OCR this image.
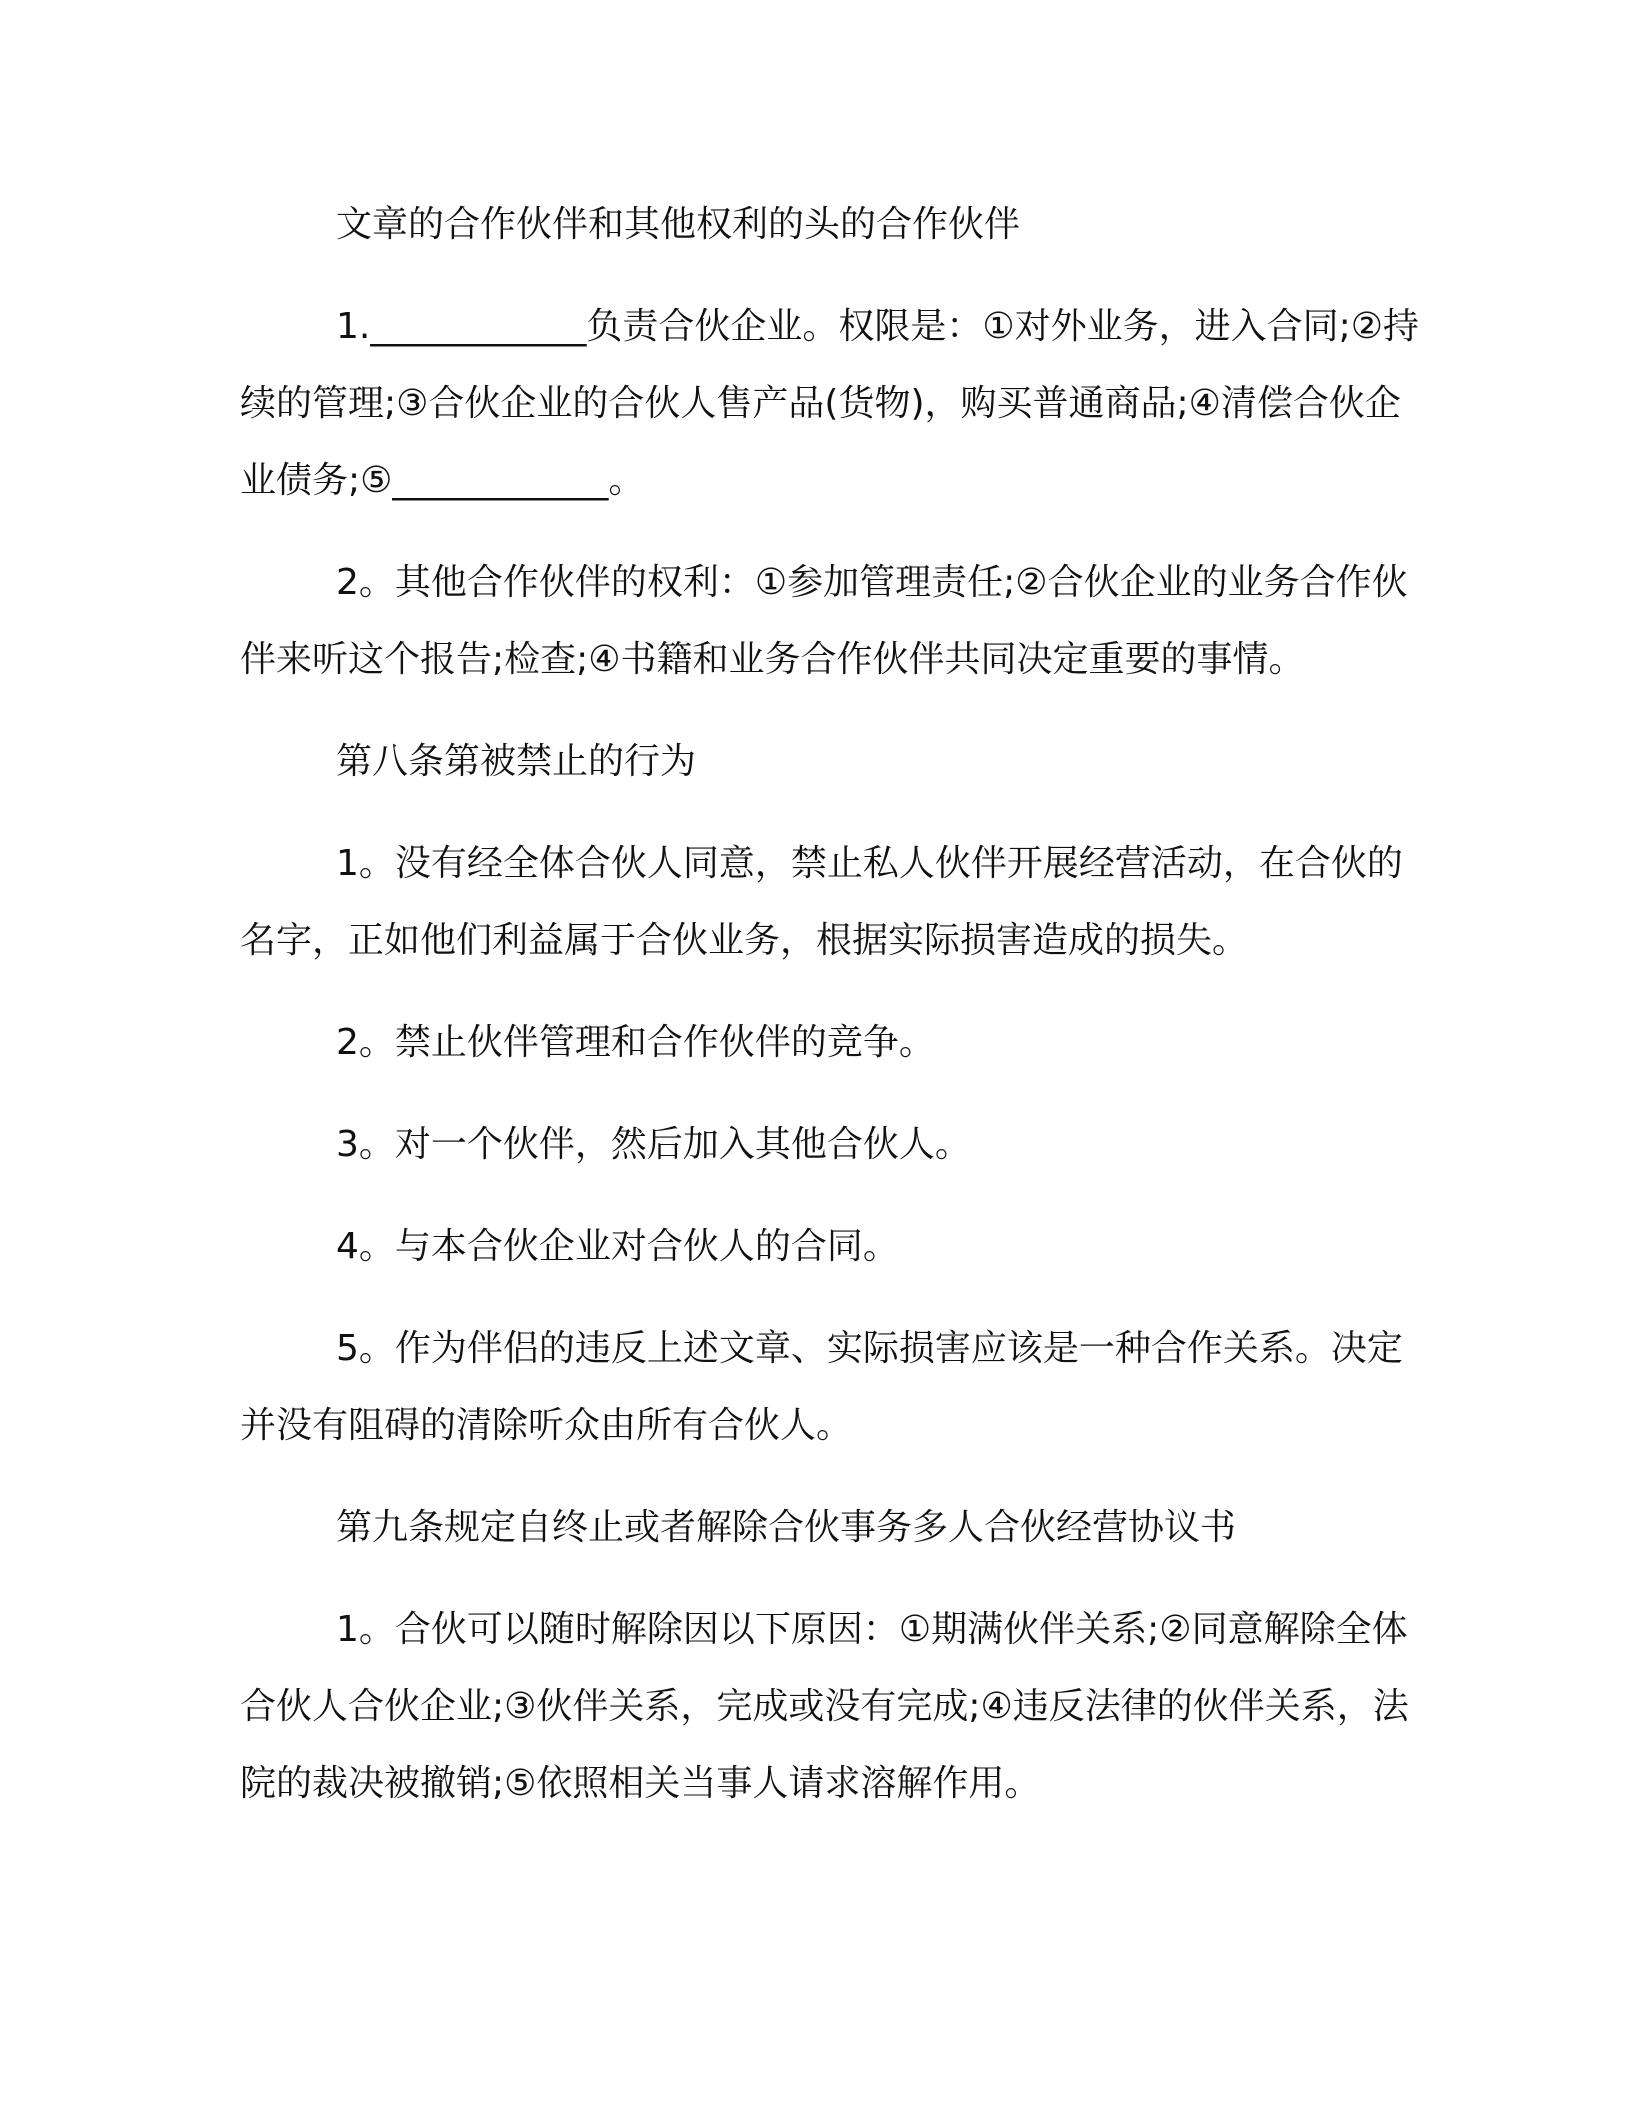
文章的合作伙伴和其他权利的头的合作伙伴

1.____________负责合伙企业。权限是：①对外业务，进入合同;②持续的管理;③合伙企业的合伙人售产品(货物)，购买普通商品;④清偿合伙企业债务;⑤____________。

2。其他合作伙伴的权利：①参加管理责任;②合伙企业的业务合作伙伴来听这个报告;检查;④书籍和业务合作伙伴共同决定重要的事情。

第八条第被禁止的行为

1。没有经全体合伙人同意，禁止私人伙伴开展经营活动，在合伙的名字，正如他们利益属于合伙业务，根据实际损害造成的损失。

2。禁止伙伴管理和合作伙伴的竞争。

3。对一个伙伴，然后加入其他合伙人。

4。与本合伙企业对合伙人的合同。

5。作为伴侣的违反上述文章、实际损害应该是一种合作关系。决定并没有阻碍的清除听众由所有合伙人。

第九条规定自终止或者解除合伙事务多人合伙经营协议书

1。合伙可以随时解除因以下原因：①期满伙伴关系;②同意解除全体合伙人合伙企业;③伙伴关系，完成或没有完成;④违反法律的伙伴关系，法院的裁决被撤销;⑤依照相关当事人请求溶解作用。
